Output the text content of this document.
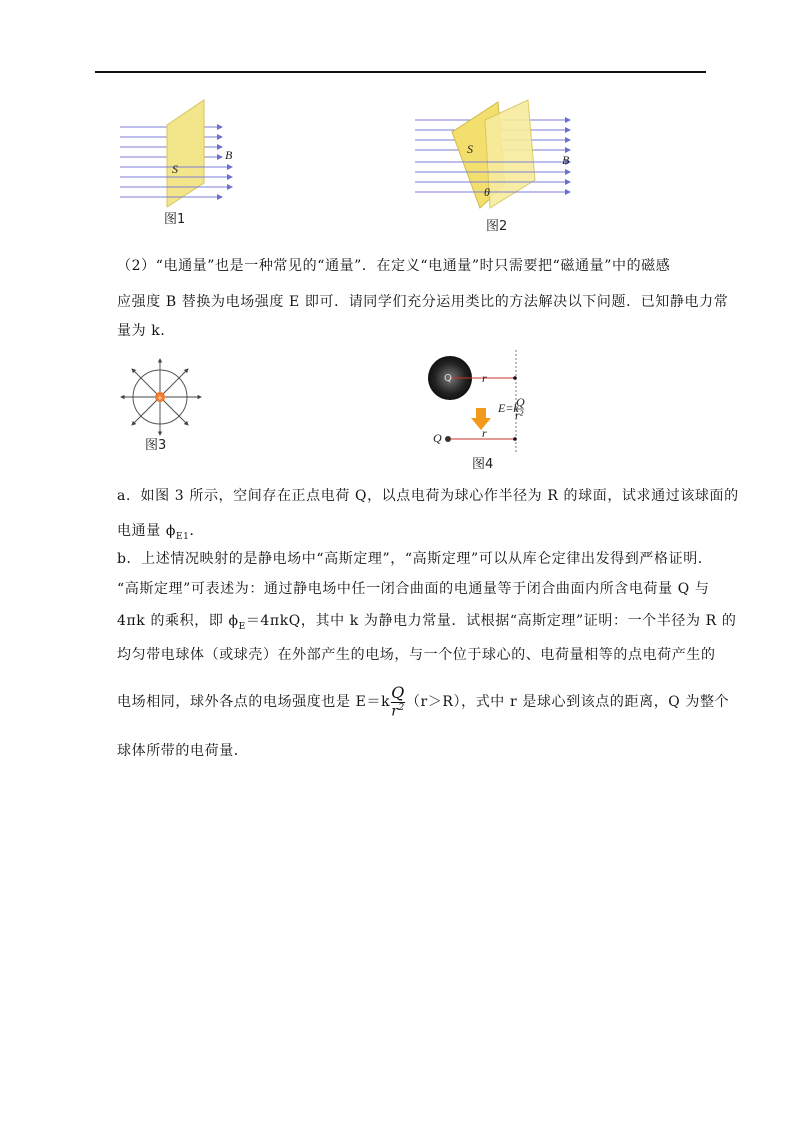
S
B
图1
S
B
θ
图2
+
图3
Q	r
E=k
Q
r²
Q	r
图4
（2）“电通量”也是一种常见的“通量”．在定义“电通量”时只需要把“磁通量”中的磁感
应强度 B 替换为电场强度 E 即可．请同学们充分运用类比的方法解决以下问题．已知静电力常
量为 k．
a．如图 3 所示，空间存在正点电荷 Q，以点电荷为球心作半径为 R 的球面，试求通过该球面的
电通量 $\phi_{E1}$．
b．上述情况映射的是静电场中“高斯定理”，“高斯定理”可以从库仑定律出发得到严格证明．
“高斯定理”可表述为：通过静电场中任一闭合曲面的电通量等于闭合曲面内所含电荷量 Q 与
4πk 的乘积，即 $\phi_E=4\pi kQ$，其中 k 为静电力常量．试根据“高斯定理”证明：一个半径为 R 的
均匀带电球体（或球壳）在外部产生的电场，与一个位于球心的、电荷量相等的点电荷产生的
电场相同，球外各点的电场强度也是 $E=k \frac{Q}{r^2} (r>R)$，式中 r 是球心到该点的距离，Q 为整个
球体所带的电荷量．
